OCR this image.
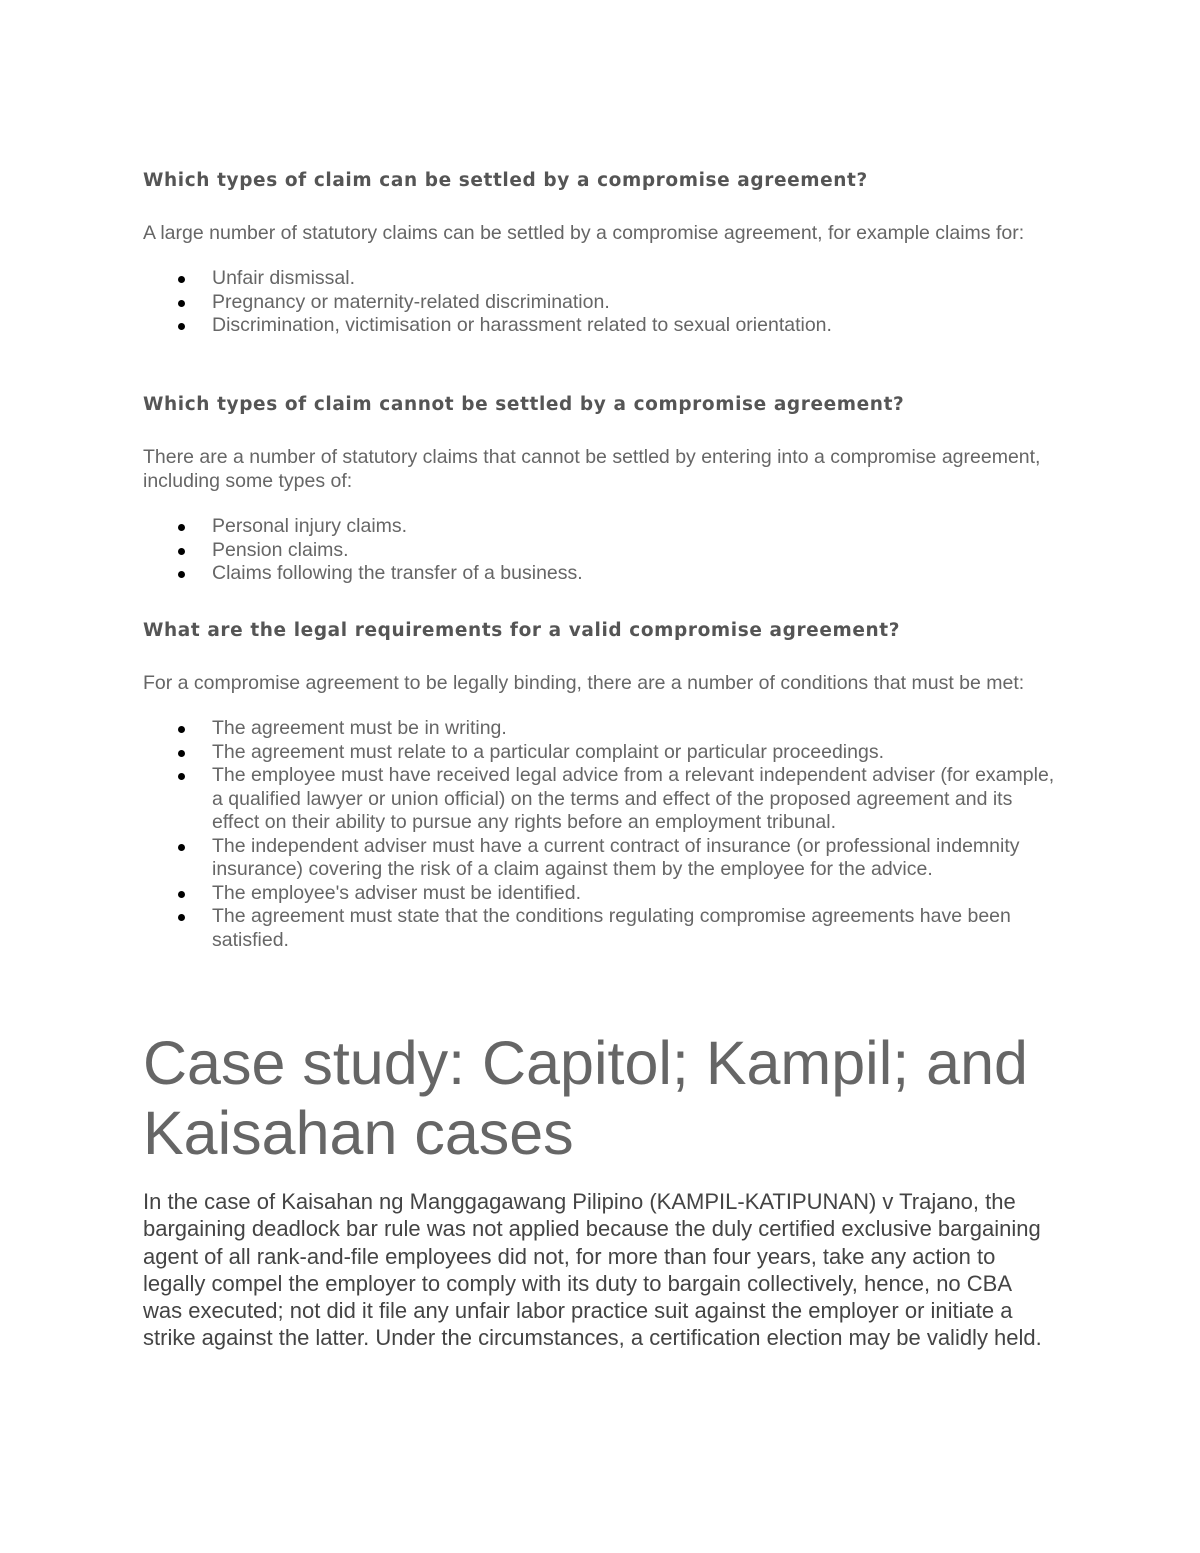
Which types of claim can be settled by a compromise agreement?

A large number of statutory claims can be settled by a compromise agreement, for example claims for:

Unfair dismissal.
Pregnancy or maternity-related discrimination.
Discrimination, victimisation or harassment related to sexual orientation.
Which types of claim cannot be settled by a compromise agreement?

There are a number of statutory claims that cannot be settled by entering into a compromise agreement, including some types of:

Personal injury claims.
Pension claims.
Claims following the transfer of a business.
What are the legal requirements for a valid compromise agreement?

For a compromise agreement to be legally binding, there are a number of conditions that must be met:

The agreement must be in writing.
The agreement must relate to a particular complaint or particular proceedings.
The employee must have received legal advice from a relevant independent adviser (for example, a qualified lawyer or union official) on the terms and effect of the proposed agreement and its effect on their ability to pursue any rights before an employment tribunal.
The independent adviser must have a current contract of insurance (or professional indemnity insurance) covering the risk of a claim against them by the employee for the advice.
The employee's adviser must be identified.
The agreement must state that the conditions regulating compromise agreements have been satisfied.
Case study: Capitol; Kampil; and Kaisahan cases

In the case of Kaisahan ng Manggagawang Pilipino (KAMPIL-KATIPUNAN) v Trajano, the bargaining deadlock bar rule was not applied because the duly certified exclusive bargaining agent of all rank-and-file employees did not, for more than four years, take any action to legally compel the employer to comply with its duty to bargain collectively, hence, no CBA was executed; not did it file any unfair labor practice suit against the employer or initiate a strike against the latter. Under the circumstances, a certification election may be validly held.
